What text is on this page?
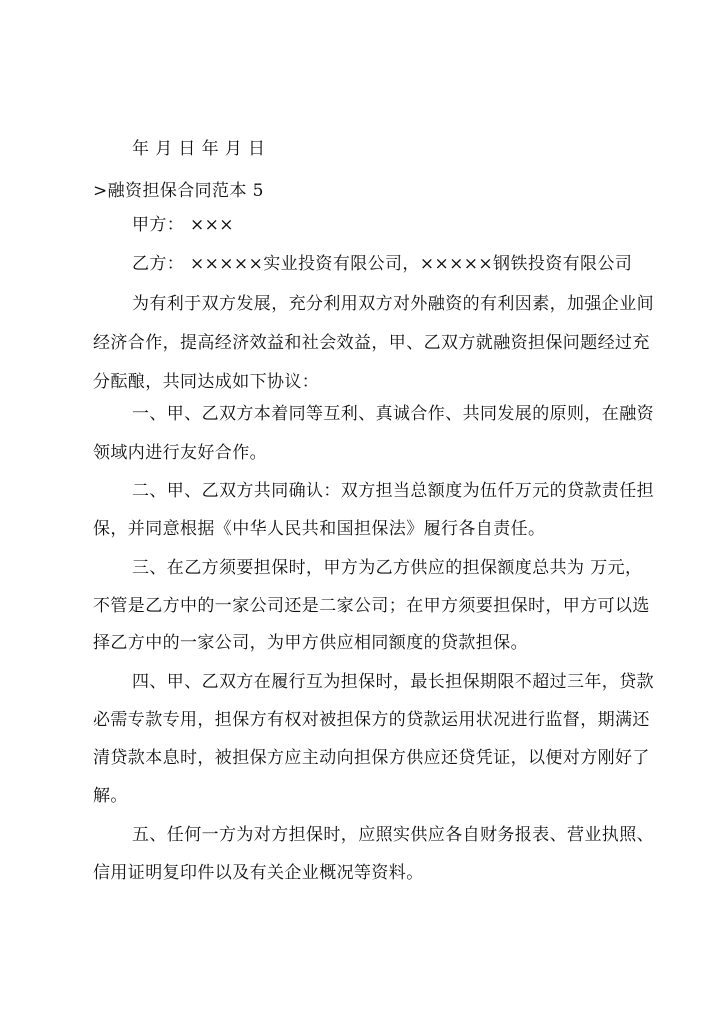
年 月 日 年 月 日
>融资担保合同范本 5
甲方： ×××
乙方： ×××××实业投资有限公司，×××××钢铁投资有限公司
为有利于双方发展，充分利用双方对外融资的有利因素，加强企业间
经济合作，提高经济效益和社会效益，甲、乙双方就融资担保问题经过充
分酝酿，共同达成如下协议：
一、甲、乙双方本着同等互利、真诚合作、共同发展的原则，在融资
领域内进行友好合作。
二、甲、乙双方共同确认：双方担当总额度为伍仟万元的贷款责任担
保，并同意根据《中华人民共和国担保法》履行各自责任。
三、在乙方须要担保时，甲方为乙方供应的担保额度总共为 万元，
不管是乙方中的一家公司还是二家公司；在甲方须要担保时，甲方可以选
择乙方中的一家公司，为甲方供应相同额度的贷款担保。
四、甲、乙双方在履行互为担保时，最长担保期限不超过三年，贷款
必需专款专用，担保方有权对被担保方的贷款运用状况进行监督，期满还
清贷款本息时，被担保方应主动向担保方供应还贷凭证，以便对方刚好了
解。
五、任何一方为对方担保时，应照实供应各自财务报表、营业执照、
信用证明复印件以及有关企业概况等资料。
